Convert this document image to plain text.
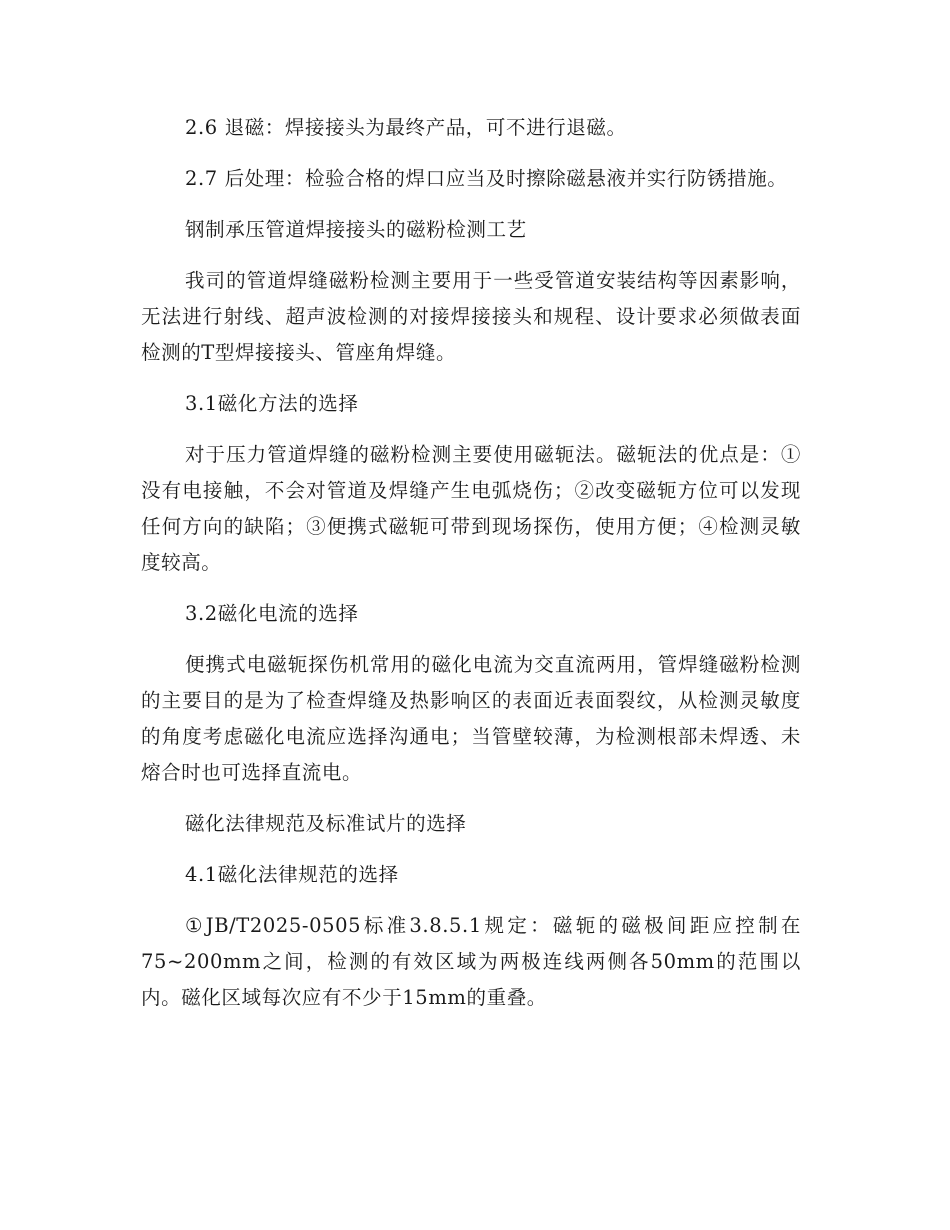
2.6 退磁：焊接接头为最终产品，可不进行退磁。

2.7 后处理：检验合格的焊口应当及时擦除磁悬液并实行防锈措施。

钢制承压管道焊接接头的磁粉检测工艺

我司的管道焊缝磁粉检测主要用于一些受管道安装结构等因素影响，无法进行射线、超声波检测的对接焊接接头和规程、设计要求必须做表面检测的T型焊接接头、管座角焊缝。

3.1磁化方法的选择

对于压力管道焊缝的磁粉检测主要使用磁轭法。磁轭法的优点是：①没有电接触，不会对管道及焊缝产生电弧烧伤；②改变磁轭方位可以发现任何方向的缺陷；③便携式磁轭可带到现场探伤，使用方便；④检测灵敏度较高。

3.2磁化电流的选择

便携式电磁轭探伤机常用的磁化电流为交直流两用，管焊缝磁粉检测的主要目的是为了检查焊缝及热影响区的表面近表面裂纹，从检测灵敏度的角度考虑磁化电流应选择沟通电；当管壁较薄，为检测根部未焊透、未熔合时也可选择直流电。

磁化法律规范及标准试片的选择

4.1磁化法律规范的选择

①JB/T2025-0505标准3.8.5.1规定：磁轭的磁极间距应控制在75~200mm之间，检测的有效区域为两极连线两侧各50mm的范围以内。磁化区域每次应有不少于15mm的重叠。
